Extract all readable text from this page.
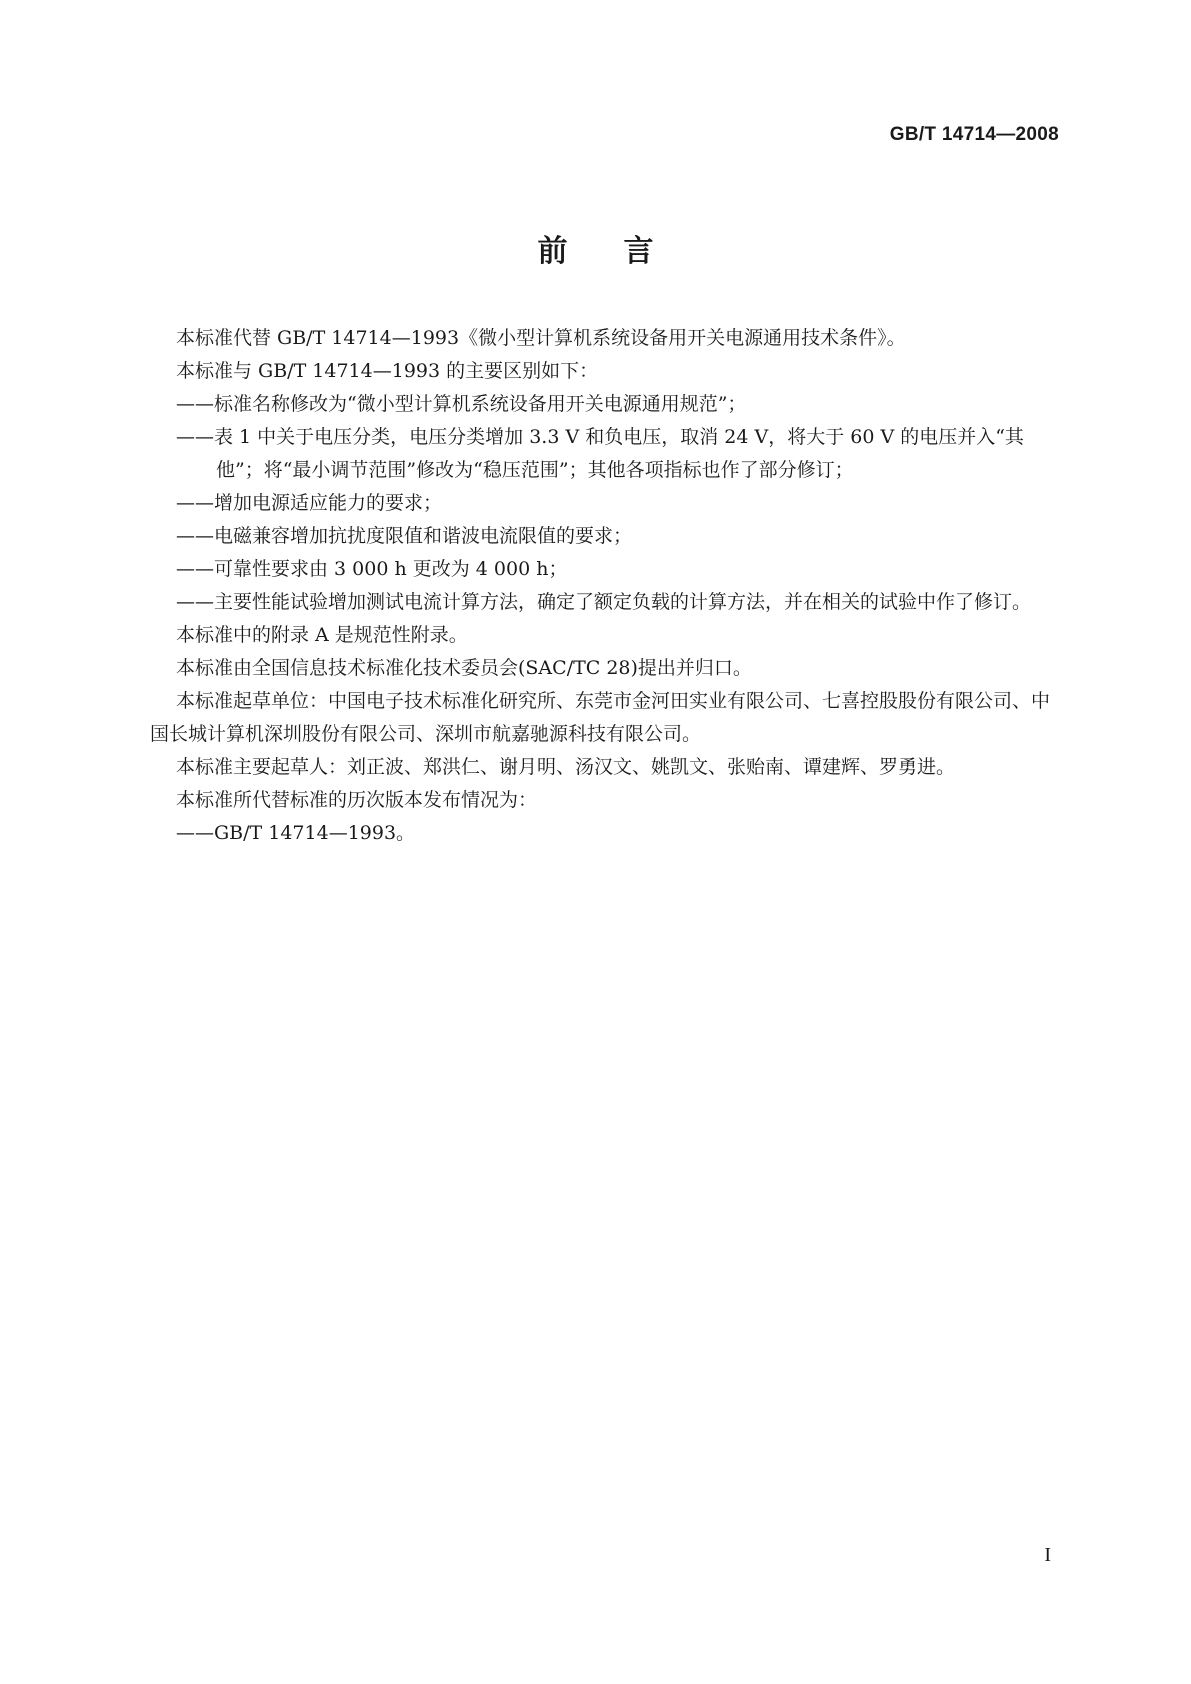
GB/T 14714—2008
前言

本标准代替 GB/T 14714—1993《微小型计算机系统设备用开关电源通用技术条件》。

本标准与 GB/T 14714—1993 的主要区别如下：

——标准名称修改为“微小型计算机系统设备用开关电源通用规范”；

——表 1 中关于电压分类，电压分类增加 3.3 V 和负电压，取消 24 V，将大于 60 V 的电压并入“其他”；将“最小调节范围”修改为“稳压范围”；其他各项指标也作了部分修订；

——增加电源适应能力的要求；

——电磁兼容增加抗扰度限值和谐波电流限值的要求；

——可靠性要求由 3 000 h 更改为 4 000 h；

——主要性能试验增加测试电流计算方法，确定了额定负载的计算方法，并在相关的试验中作了修订。

本标准中的附录 A 是规范性附录。

本标准由全国信息技术标准化技术委员会(SAC/TC 28)提出并归口。

本标准起草单位：中国电子技术标准化研究所、东莞市金河田实业有限公司、七喜控股股份有限公司、中国长城计算机深圳股份有限公司、深圳市航嘉驰源科技有限公司。

本标准主要起草人：刘正波、郑洪仁、谢月明、汤汉文、姚凯文、张贻南、谭建辉、罗勇进。

本标准所代替标准的历次版本发布情况为：

——GB/T 14714—1993。

I
